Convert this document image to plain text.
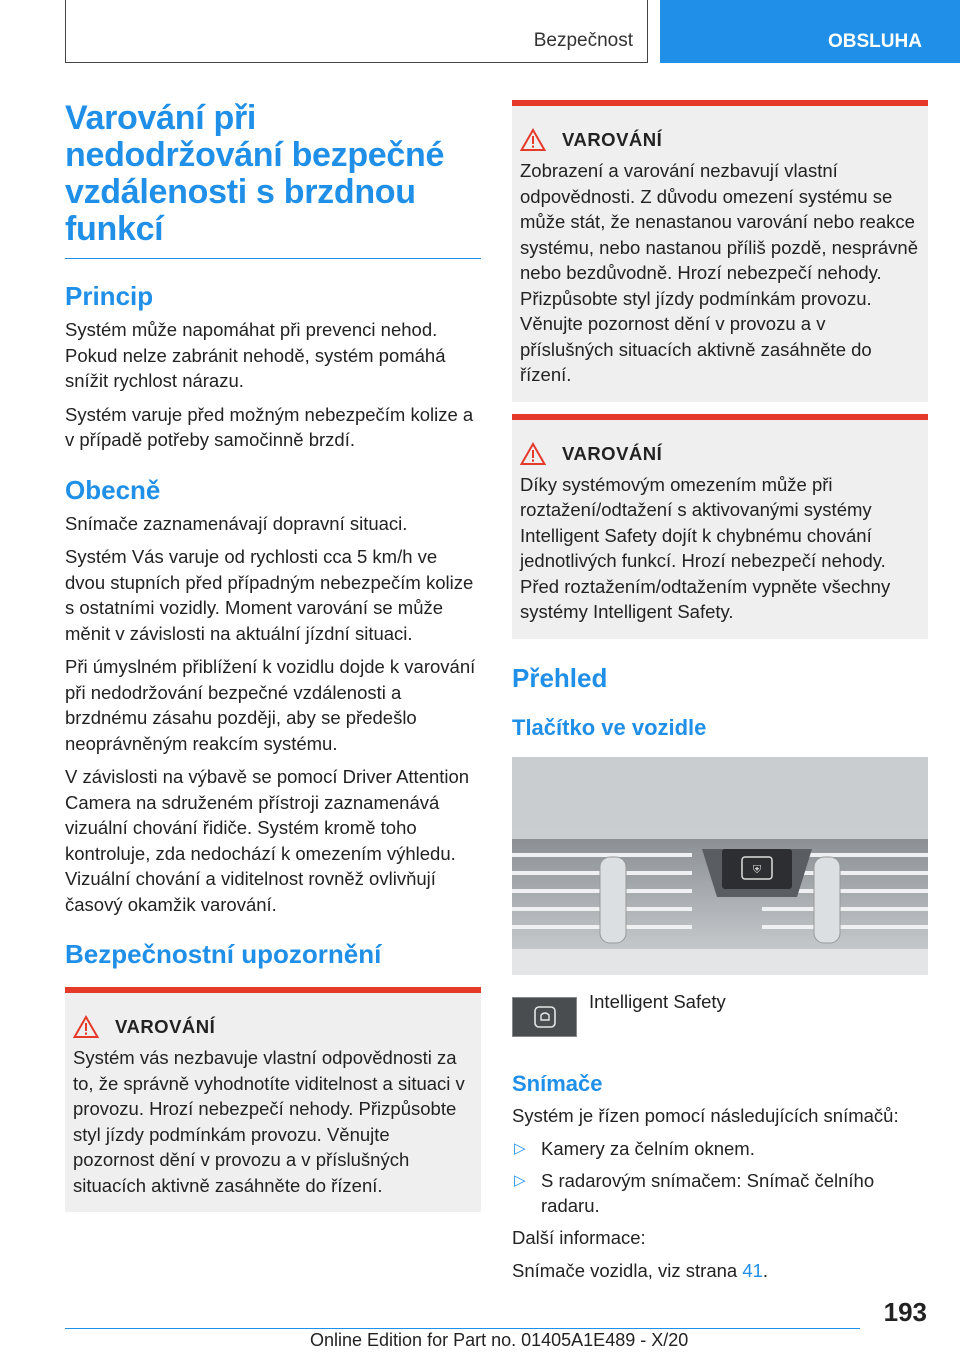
Bezpečnost	OBSLUHA
Varování při nedodržování bezpečné vzdálenosti s brzdnou funkcí
Princip

Systém může napomáhat při prevenci nehod. Pokud nelze zabránit nehodě, systém pomáhá snížit rychlost nárazu.

Systém varuje před možným nebezpečím kolize a v případě potřeby samočinně brzdí.

Obecně

Snímače zaznamenávají dopravní situaci.

Systém Vás varuje od rychlosti cca 5 km/h ve dvou stupních před případným nebezpečím kolize s ostatními vozidly. Moment varování se může měnit v závislosti na aktuální jízdní situaci.

Při úmyslném přiblížení k vozidlu dojde k varování při nedodržování bezpečné vzdálenosti a brzdnému zásahu později, aby se předešlo neoprávněným reakcím systému.

V závislosti na výbavě se pomocí Driver Attention Camera na sdruženém přístroji zaznamenává vizuální chování řidiče. Systém kromě toho kontroluje, zda nedochází k omezením výhledu. Vizuální chování a viditelnost rovněž ovlivňují časový okamžik varování.

Bezpečnostní upozornění
VAROVÁNÍ

Systém vás nezbavuje vlastní odpovědnosti za to, že správně vyhodnotíte viditelnost a situaci v provozu. Hrozí nebezpečí nehody. Přizpůsobte styl jízdy podmínkám provozu. Věnujte pozornost dění v provozu a v příslušných situacích aktivně zasáhněte do řízení.

VAROVÁNÍ

Zobrazení a varování nezbavují vlastní odpovědnosti. Z důvodu omezení systému se může stát, že nenastanou varování nebo reakce systému, nebo nastanou příliš pozdě, nesprávně nebo bezdůvodně. Hrozí nebezpečí nehody. Přizpůsobte styl jízdy podmínkám provozu. Věnujte pozornost dění v provozu a v příslušných situacích aktivně zasáhněte do řízení.

VAROVÁNÍ

Díky systémovým omezením může při roztažení/odtažení s aktivovanými systémy Intelligent Safety dojít k chybnému chování jednotlivých funkcí. Hrozí nebezpečí nehody. Před roztažením/odtažením vypněte všechny systémy Intelligent Safety.

Přehled
Tlačítko ve vozidle
⛨
Intelligent Safety
Snímače

Systém je řízen pomocí následujících snímačů:

▷ Kamery za čelním oknem.
▷ S radarovým snímačem: Snímač čelního radaru.

Další informace:

Snímače vozidla, viz strana 41.

193
Online Edition for Part no. 01405A1E489 - X/20
